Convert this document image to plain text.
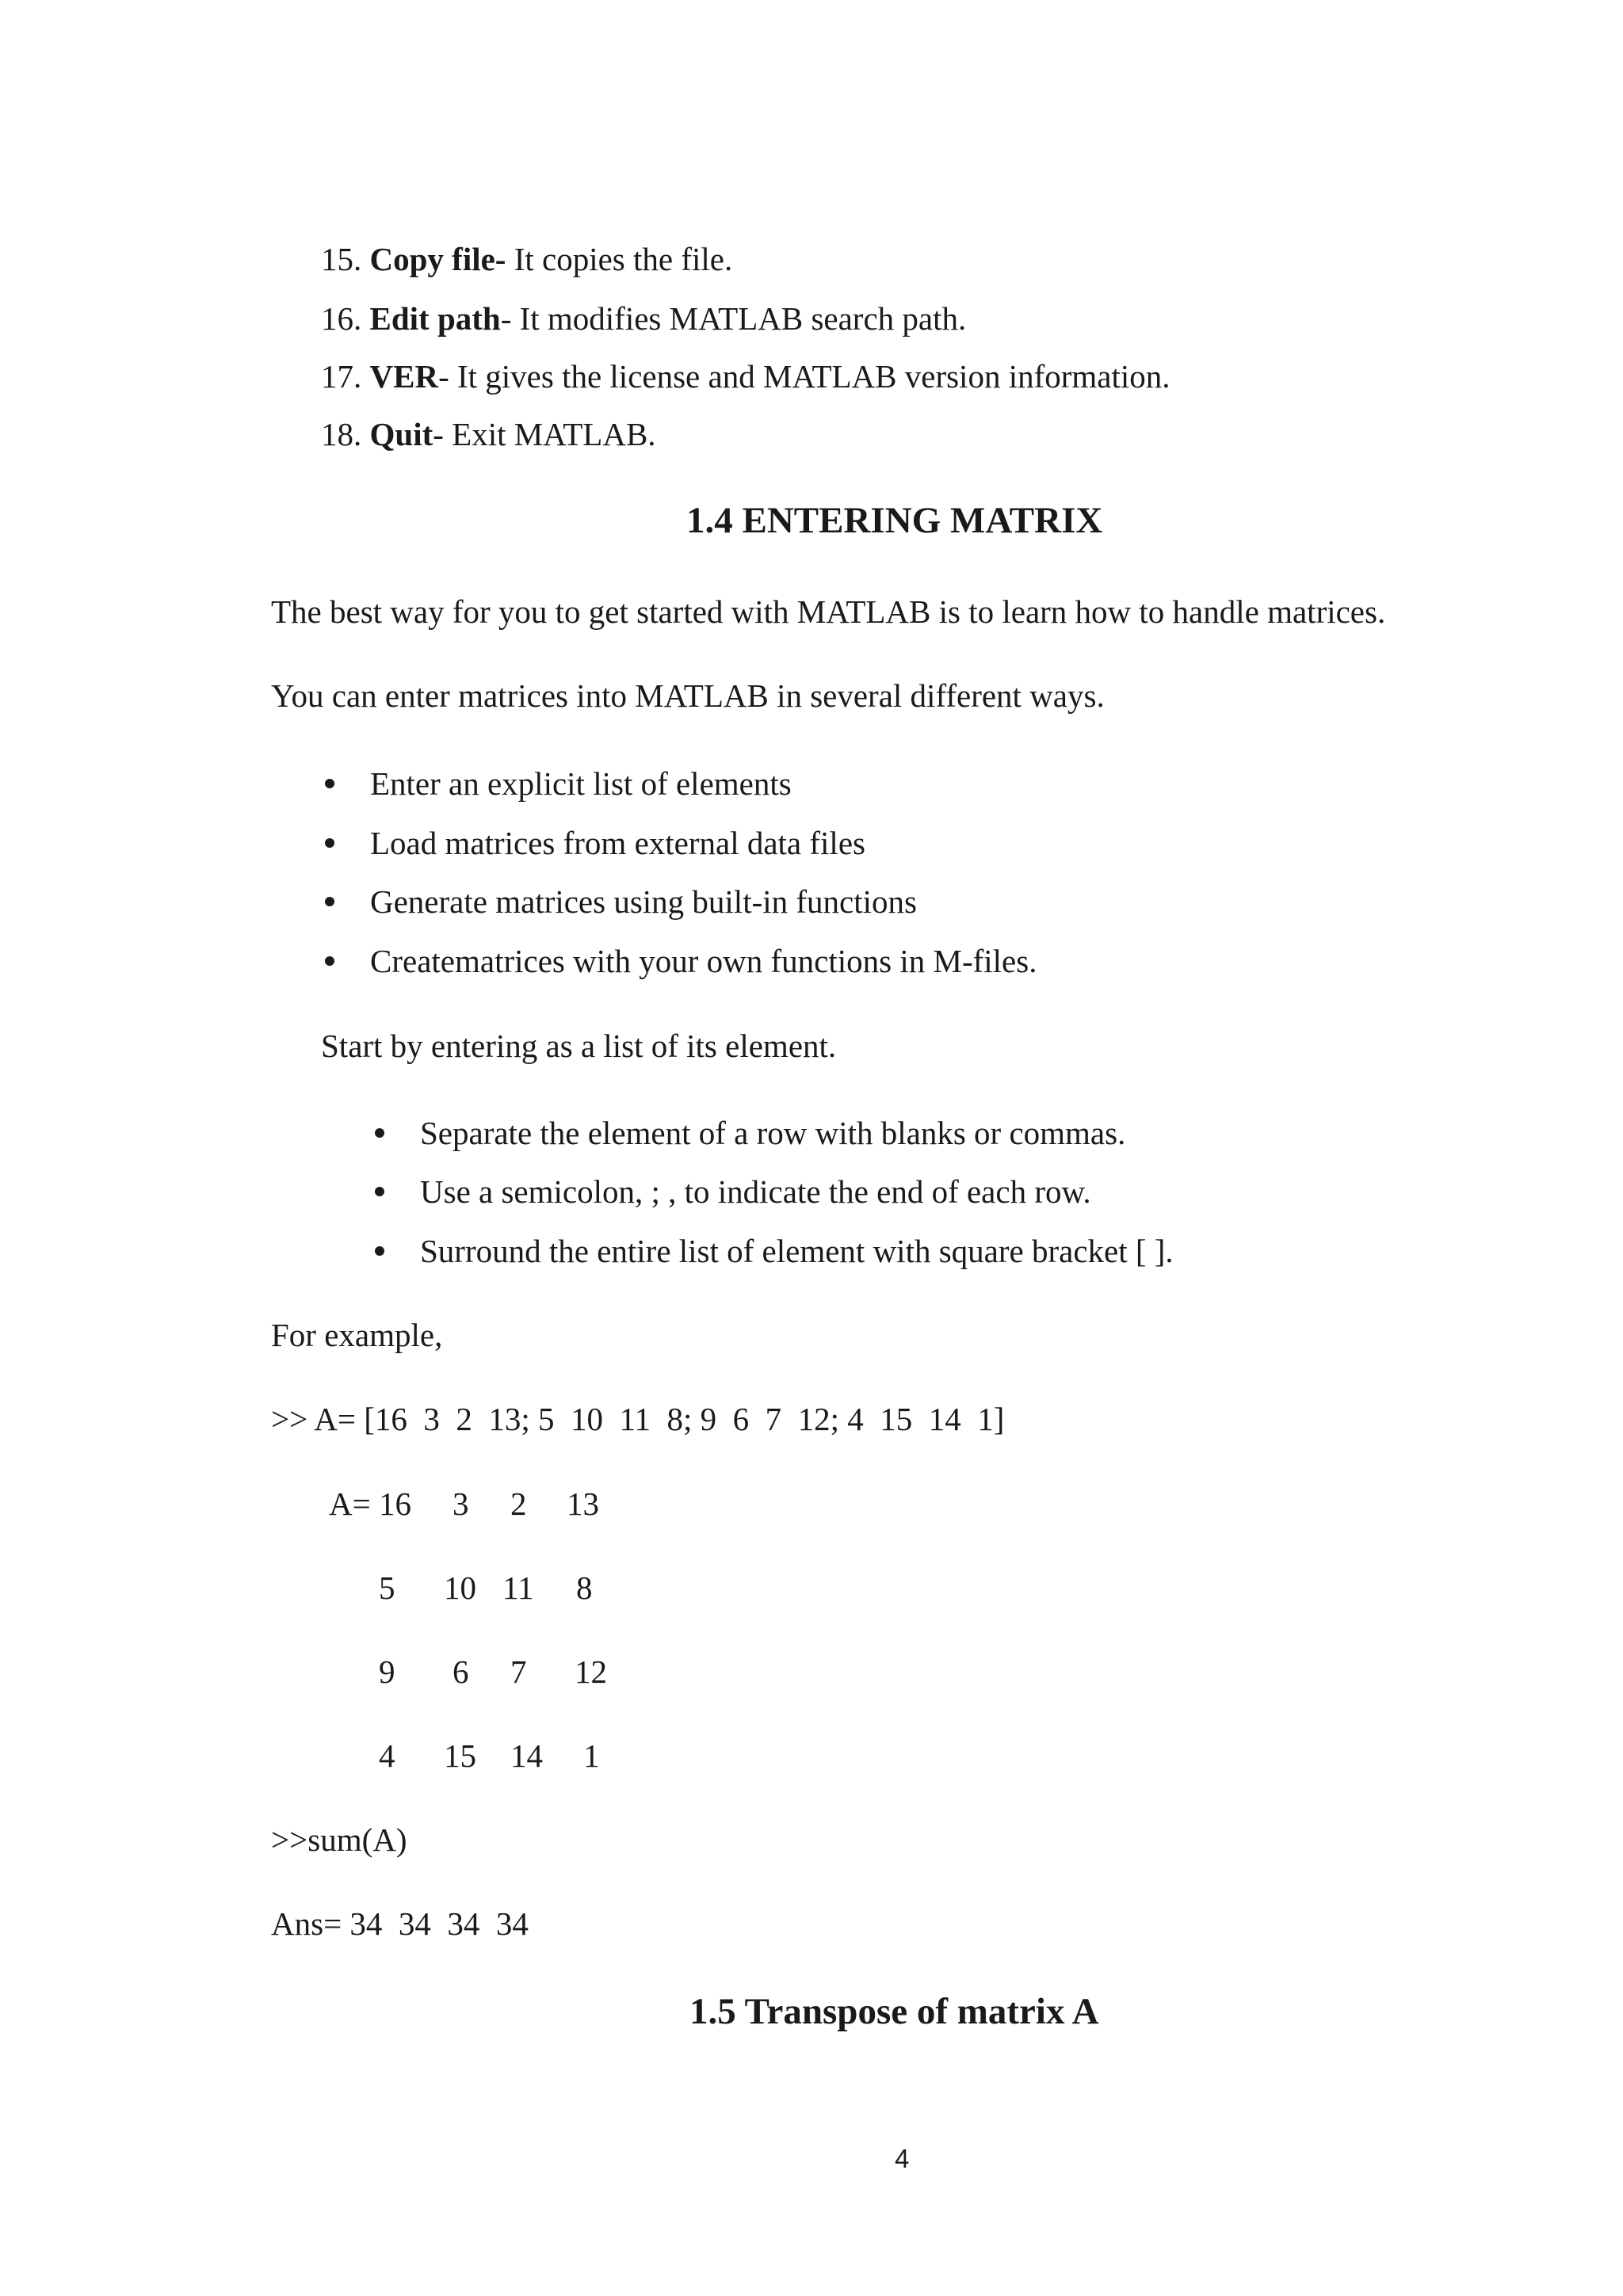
15. Copy file- It copies the file.
16. Edit path- It modifies MATLAB search path.
17. VER- It gives the license and MATLAB version information.
18. Quit- Exit MATLAB.
1.4 ENTERING MATRIX
The best way for you to get started with MATLAB is to learn how to handle matrices.
You can enter matrices into MATLAB in several different ways.
Enter an explicit list of elements
Load matrices from external data files
Generate matrices using built-in functions
Creatematrices with your own functions in M-files.
Start by entering as a list of its element.
Separate the element of a row with blanks or commas.
Use a semicolon, ; , to indicate the end of each row.
Surround the entire list of element with square bracket [ ].
For example,
>> A= [16  3  2  13; 5  10  11  8; 9  6  7  12; 4  15  14  1]
A= 16 3 2 13
5 10 11 8
9 6 7 12
4 15 14 1
>>sum(A)
Ans= 34  34  34  34
1.5 Transpose of matrix A
4
